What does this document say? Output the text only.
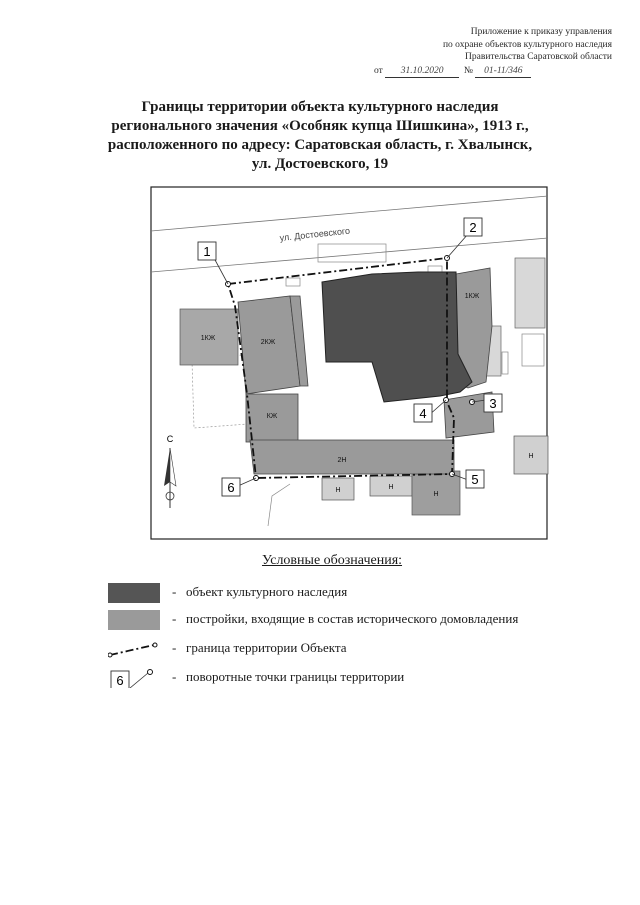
Приложение к приказу управления
по охране объектов культурного наследия
Правительства Саратовской области
от 31.10.2020 № 01-11/346
Границы территории объекта культурного наследия
регионального значения «Особняк купца Шишкина», 1913 г.,
расположенного по адресу: Саратовская область, г. Хвалынск,
ул. Достоевского, 19
ул. Достоевского
1
2
3
4
5
6
1КЖ
2КЖ
КЖ
1КЖ
2Н
Н	Н
Н
Н
С
Условные обозначения:
- объект культурного наследия
- постройки, входящие в состав исторического домовладения
- граница территории Объекта
6	- поворотные точки границы территории
